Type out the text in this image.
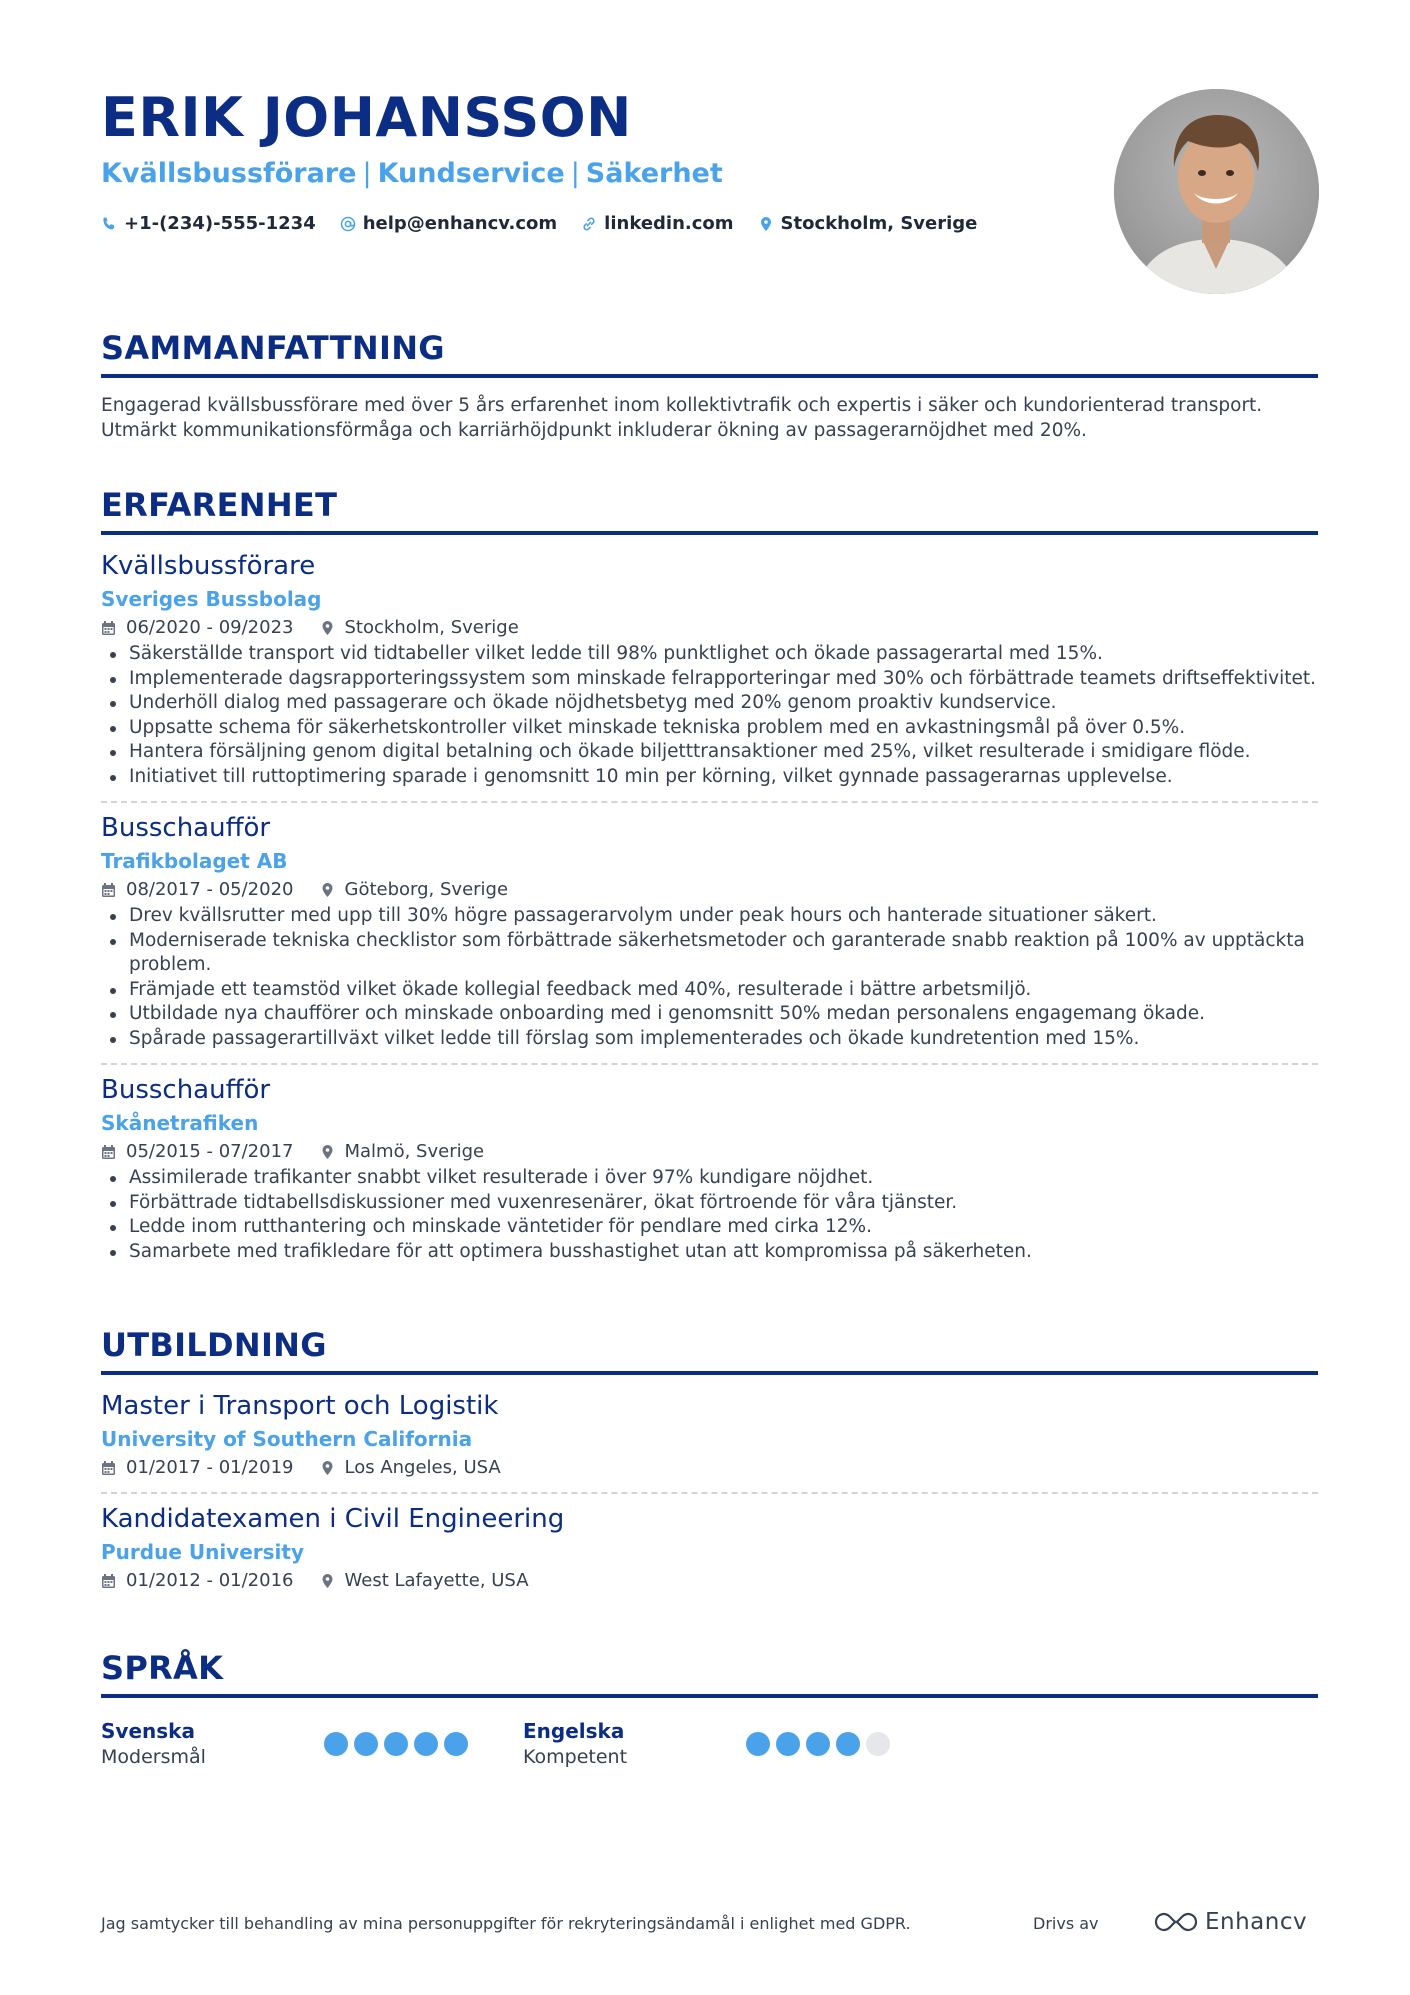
ERIK JOHANSSON
Kvällsbussförare | Kundservice | Säkerhet
+1-(234)-555-1234	help@enhancv.com	linkedin.com	Stockholm, Sverige
SAMMANFATTNING
Engagerad kvällsbussförare med över 5 års erfarenhet inom kollektivtrafik och expertis i säker och kundorienterad transport. Utmärkt kommunikationsförmåga och karriärhöjdpunkt inkluderar ökning av passagerarnöjdhet med 20%.
ERFARENHET
Kvällsbussförare
Sveriges Bussbolag
06/2020 - 09/2023	Stockholm, Sverige
Säkerställde transport vid tidtabeller vilket ledde till 98% punktlighet och ökade passagerartal med 15%.
Implementerade dagsrapporteringssystem som minskade felrapporteringar med 30% och förbättrade teamets driftseffektivitet.
Underhöll dialog med passagerare och ökade nöjdhetsbetyg med 20% genom proaktiv kundservice.
Uppsatte schema för säkerhetskontroller vilket minskade tekniska problem med en avkastningsmål på över 0.5%.
Hantera försäljning genom digital betalning och ökade biljetttransaktioner med 25%, vilket resulterade i smidigare flöde.
Initiativet till ruttoptimering sparade i genomsnitt 10 min per körning, vilket gynnade passagerarnas upplevelse.
Busschaufför
Trafikbolaget AB
08/2017 - 05/2020	Göteborg, Sverige
Drev kvällsrutter med upp till 30% högre passagerarvolym under peak hours och hanterade situationer säkert.
Moderniserade tekniska checklistor som förbättrade säkerhetsmetoder och garanterade snabb reaktion på 100% av upptäckta problem.
Främjade ett teamstöd vilket ökade kollegial feedback med 40%, resulterade i bättre arbetsmiljö.
Utbildade nya chaufförer och minskade onboarding med i genomsnitt 50% medan personalens engagemang ökade.
Spårade passagerartillväxt vilket ledde till förslag som implementerades och ökade kundretention med 15%.
Busschaufför
Skånetrafiken
05/2015 - 07/2017	Malmö, Sverige
Assimilerade trafikanter snabbt vilket resulterade i över 97% kundigare nöjdhet.
Förbättrade tidtabellsdiskussioner med vuxenresenärer, ökat förtroende för våra tjänster.
Ledde inom rutthantering och minskade väntetider för pendlare med cirka 12%.
Samarbete med trafikledare för att optimera busshastighet utan att kompromissa på säkerheten.
UTBILDNING
Master i Transport och Logistik
University of Southern California
01/2017 - 01/2019	Los Angeles, USA
Kandidatexamen i Civil Engineering
Purdue University
01/2012 - 01/2016	West Lafayette, USA
SPRÅK
Svenska
Modersmål
Engelska
Kompetent
Jag samtycker till behandling av mina personuppgifter för rekryteringsändamål i enlighet med GDPR.	Drivs av	Enhancv
